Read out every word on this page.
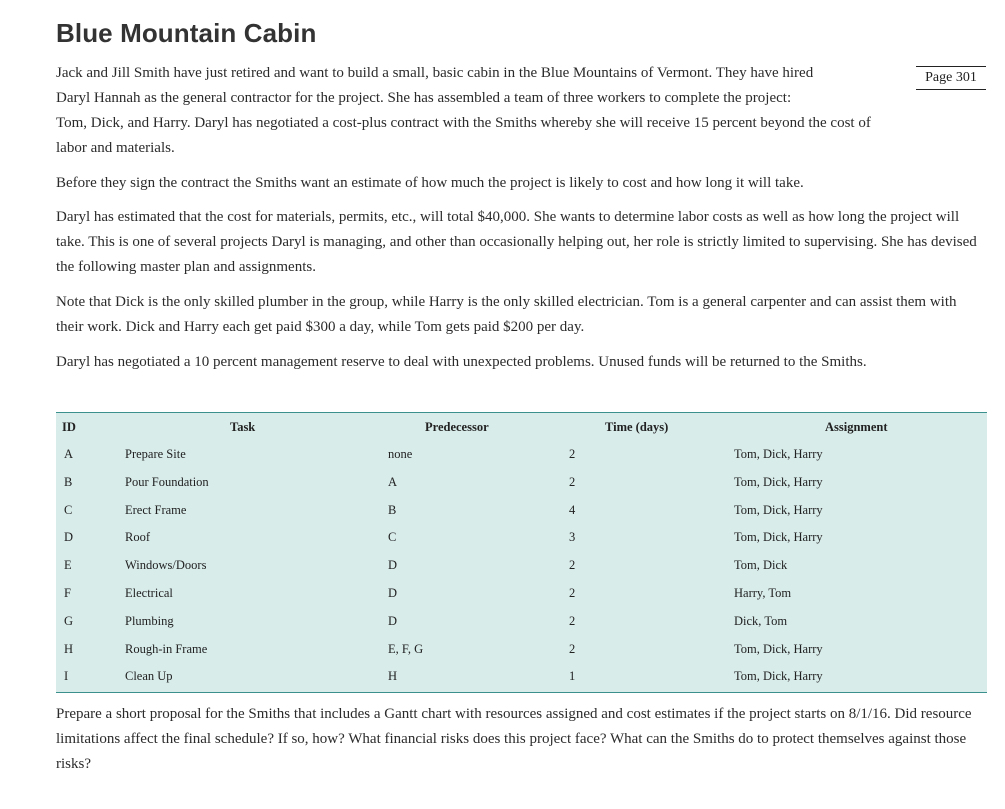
Blue Mountain Cabin
Page 301

Jack and Jill Smith have just retired and want to build a small, basic cabin in the Blue Mountains of Vermont. They have hired
Daryl Hannah as the general contractor for the project. She has assembled a team of three workers to complete the project:
Tom, Dick, and Harry. Daryl has negotiated a cost-plus contract with the Smiths whereby she will receive 15 percent beyond the cost of
labor and materials.

Before they sign the contract the Smiths want an estimate of how much the project is likely to cost and how long it will take.

Daryl has estimated that the cost for materials, permits, etc., will total $40,000. She wants to determine labor costs as well as how long the project will take. This is one of several projects Daryl is managing, and other than occasionally helping out, her role is strictly limited to supervising. She has devised the following master plan and assignments.

Note that Dick is the only skilled plumber in the group, while Harry is the only skilled electrician. Tom is a general carpenter and can assist them with their work. Dick and Harry each get paid $300 a day, while Tom gets paid $200 per day.

Daryl has negotiated a 10 percent management reserve to deal with unexpected problems. Unused funds will be returned to the Smiths.

ID	Task	Predecessor	Time (days)	Assignment
A	Prepare Site	none	2	Tom, Dick, Harry
B	Pour Foundation	A	2	Tom, Dick, Harry
C	Erect Frame	B	4	Tom, Dick, Harry
D	Roof	C	3	Tom, Dick, Harry
E	Windows/Doors	D	2	Tom, Dick
F	Electrical	D	2	Harry, Tom
G	Plumbing	D	2	Dick, Tom
H	Rough-in Frame	E, F, G	2	Tom, Dick, Harry
I	Clean Up	H	1	Tom, Dick, Harry

Prepare a short proposal for the Smiths that includes a Gantt chart with resources assigned and cost estimates if the project starts on 8/1/16. Did resource limitations affect the final schedule? If so, how? What financial risks does this project face? What can the Smiths do to protect themselves against those risks?
